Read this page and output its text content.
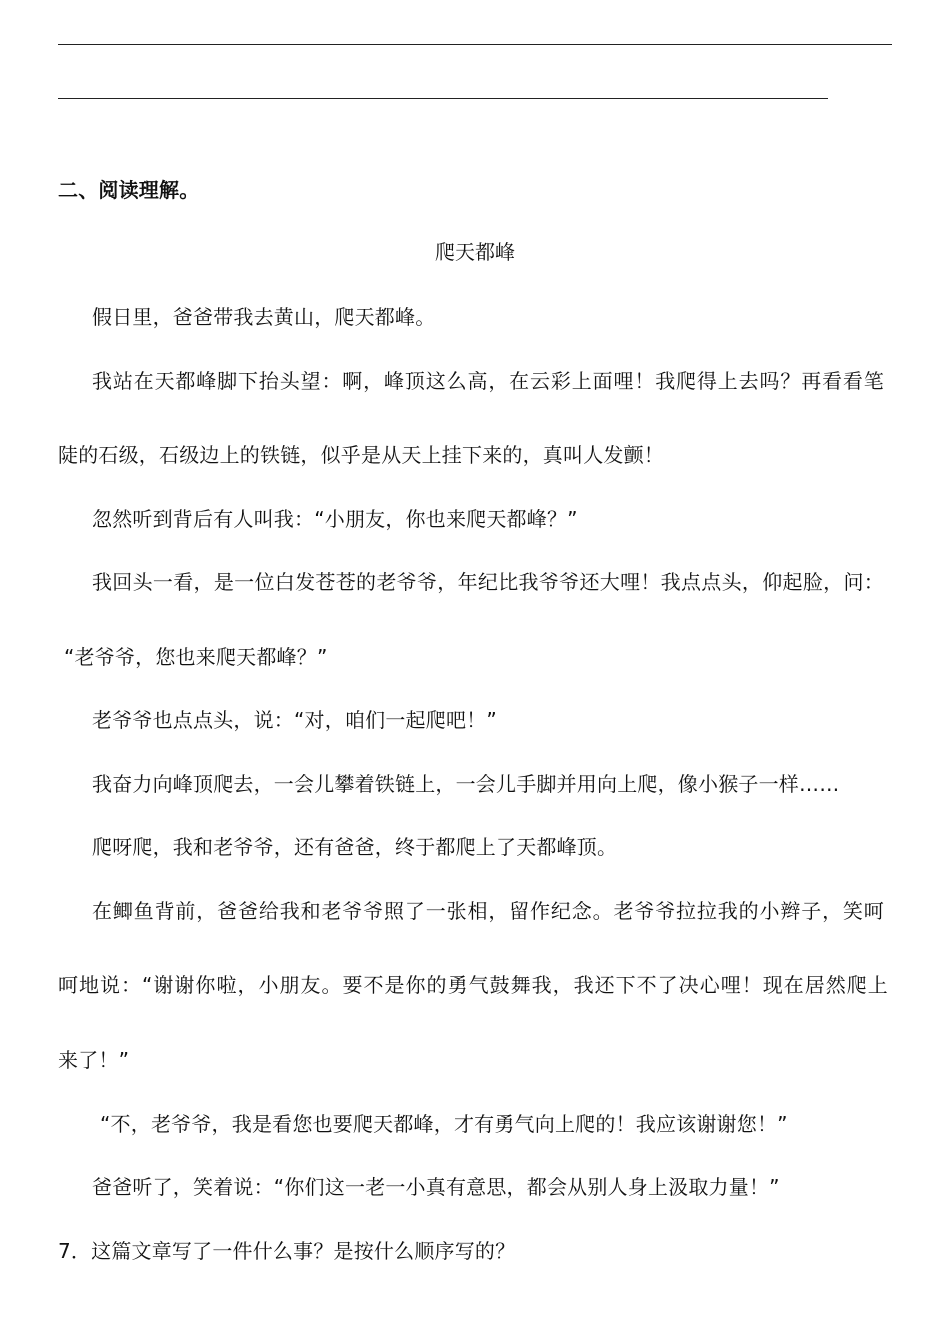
二、阅读理解。
爬天都峰
假日里，爸爸带我去黄山，爬天都峰。
我站在天都峰脚下抬头望：啊，峰顶这么高，在云彩上面哩！我爬得上去吗？再看看笔
陡的石级，石级边上的铁链，似乎是从天上挂下来的，真叫人发颤！
忽然听到背后有人叫我：“小朋友，你也来爬天都峰？”
我回头一看，是一位白发苍苍的老爷爷，年纪比我爷爷还大哩！我点点头，仰起脸，问：
“老爷爷，您也来爬天都峰？”
老爷爷也点点头，说：“对，咱们一起爬吧！”
我奋力向峰顶爬去，一会儿攀着铁链上，一会儿手脚并用向上爬，像小猴子一样……
爬呀爬，我和老爷爷，还有爸爸，终于都爬上了天都峰顶。
在鲫鱼背前，爸爸给我和老爷爷照了一张相，留作纪念。老爷爷拉拉我的小辫子，笑呵
呵地说：“谢谢你啦，小朋友。要不是你的勇气鼓舞我，我还下不了决心哩！现在居然爬上
来了！”
“不，老爷爷，我是看您也要爬天都峰，才有勇气向上爬的！我应该谢谢您！”
爸爸听了，笑着说：“你们这一老一小真有意思，都会从别人身上汲取力量！”
7．这篇文章写了一件什么事？是按什么顺序写的？
